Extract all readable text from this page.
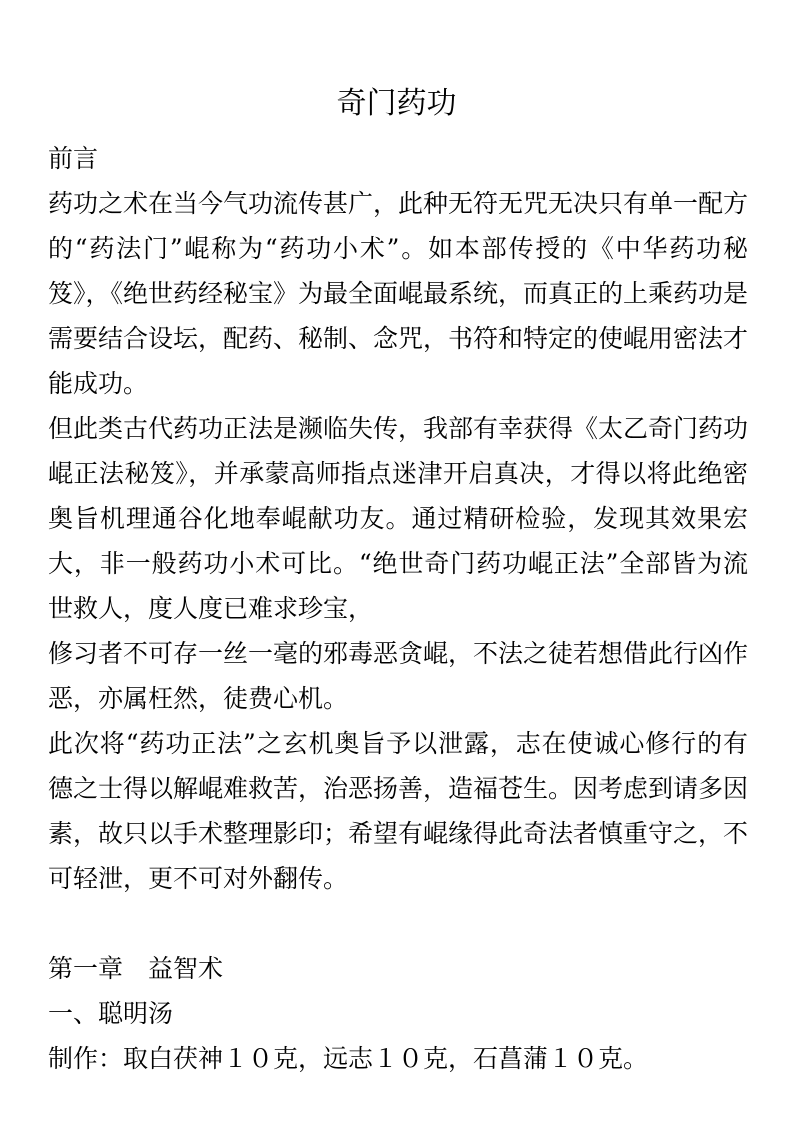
奇门药功

前言

药功之术在当今气功流传甚广，此种无符无咒无决只有单一配方的“药法门”崐称为“药功小术”。如本部传授的《中华药功秘笈》，《绝世药经秘宝》为最全面崐最系统，而真正的上乘药功是需要结合设坛，配药、秘制、念咒，书符和特定的使崐用密法才能成功。

但此类古代药功正法是濒临失传，我部有幸获得《太乙奇门药功崐正法秘笈》，并承蒙高师指点迷津开启真决，才得以将此绝密奥旨机理通谷化地奉崐献功友。通过精研检验，发现其效果宏大，非一般药功小术可比。“绝世奇门药功崐正法”全部皆为流世救人，度人度已难求珍宝，

修习者不可存一丝一毫的邪毒恶贪崐，不法之徒若想借此行凶作恶，亦属枉然，徒费心机。

此次将“药功正法”之玄机奥旨予以泄露，志在使诚心修行的有德之士得以解崐难救苦，治恶扬善，造福苍生。因考虑到请多因素，故只以手术整理影印；希望有崐缘得此奇法者慎重守之，不可轻泄，更不可对外翻传。

第一章　益智术

一、聪明汤

制作：取白茯神１０克，远志１０克，石菖蒲１０克。
